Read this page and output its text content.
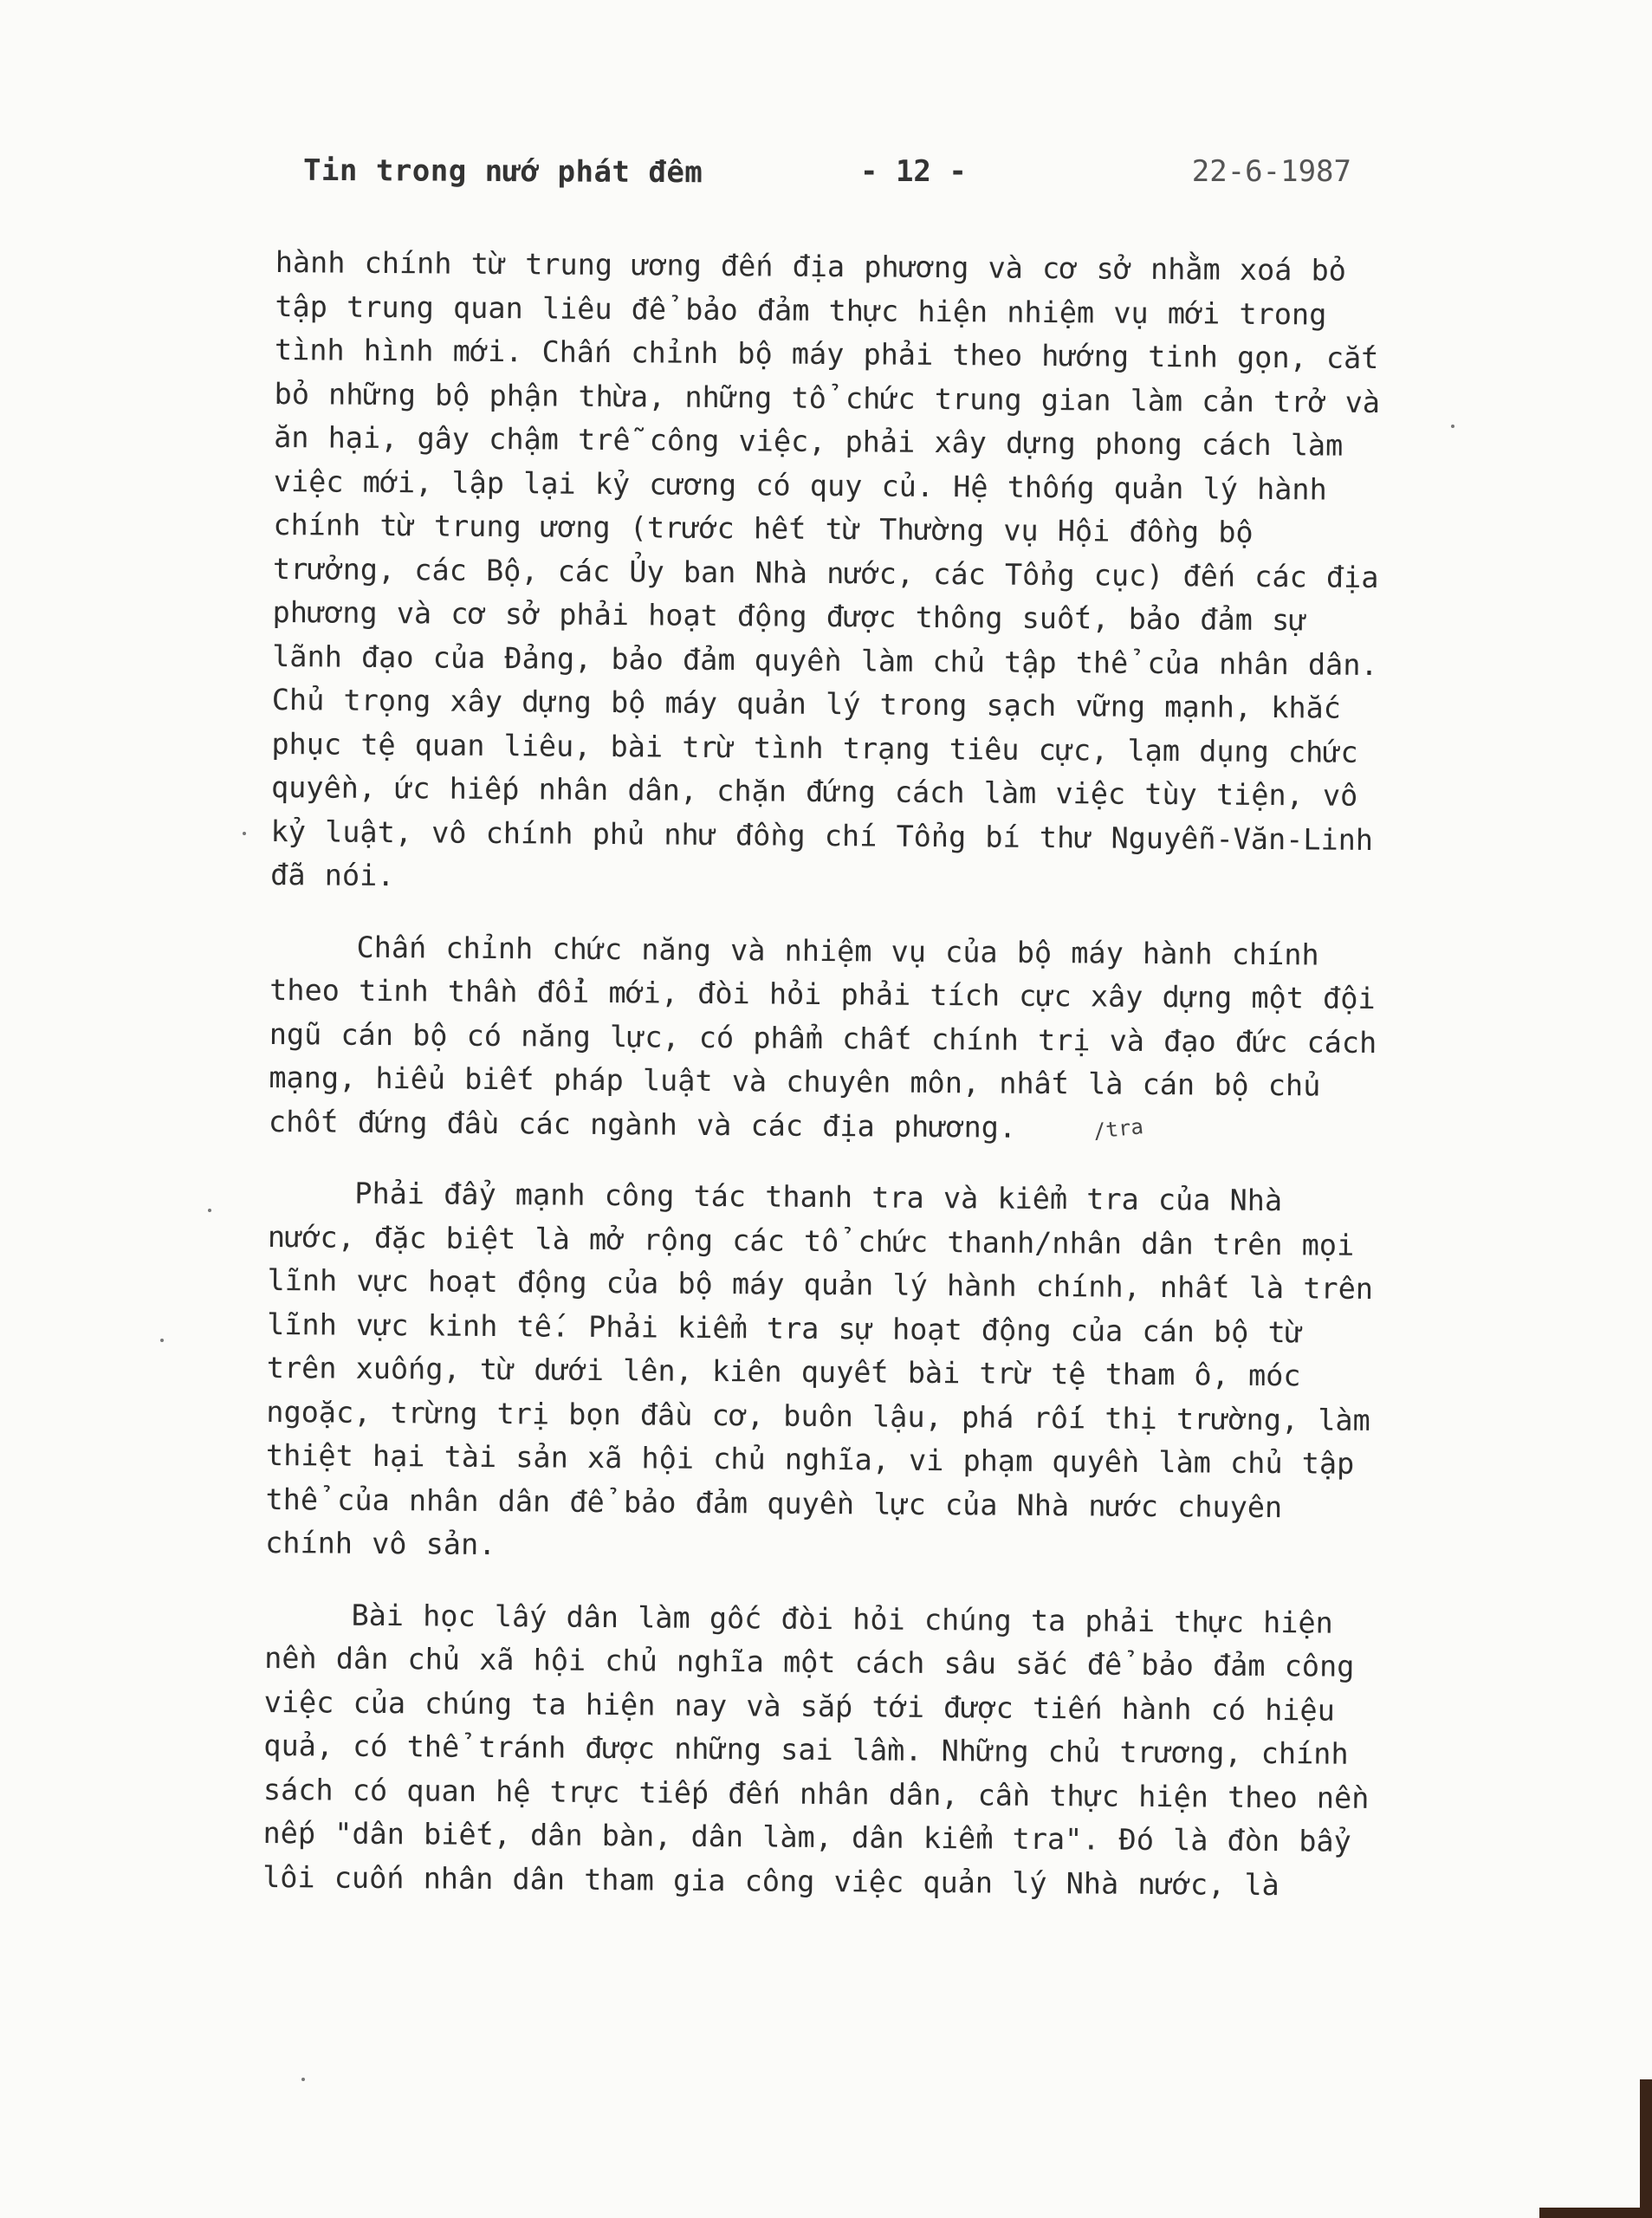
Tin trong nướ phát đêm	- 12 -	22-6-1987

hành chính từ trung ương đến địa phương và cơ sở nhằm xoá bỏ tập trung quan liêu để bảo đảm thực hiện nhiệm vụ mới trong tình hình mới. Chấn chỉnh bộ máy phải theo hướng tinh gọn, cắt bỏ những bộ phận thừa, những tổ chức trung gian làm cản trở và ăn hại, gây chậm trễ công việc, phải xây dựng phong cách làm việc mới, lập lại kỷ cương có quy củ. Hệ thống quản lý hành chính từ trung ương (trước hết từ Thường vụ Hội đồng bộ trưởng, các Bộ, các Ủy ban Nhà nước, các Tổng cục) đến các địa phương và cơ sở phải hoạt động được thông suốt, bảo đảm sự lãnh đạo của Đảng, bảo đảm quyền làm chủ tập thể của nhân dân. Chủ trọng xây dựng bộ máy quản lý trong sạch vững mạnh, khắc phục tệ quan liêu, bài trừ tình trạng tiêu cực, lạm dụng chức quyền, ức hiếp nhân dân, chặn đứng cách làm việc tùy tiện, vô kỷ luật, vô chính phủ như đồng chí Tổng bí thư Nguyễn-Văn-Linh đã nói.

Chấn chỉnh chức năng và nhiệm vụ của bộ máy hành chính theo tinh thần đổi mới, đòi hỏi phải tích cực xây dựng một đội ngũ cán bộ có năng lực, có phẩm chất chính trị và đạo đức cách mạng, hiểu biết pháp luật và chuyên môn, nhất là cán bộ chủ chốt đứng đầu các ngành và các địa phương.

Phải đẩy mạnh công tác thanh tra và kiểm tra của Nhà nước, đặc biệt là mở rộng các tổ chức thanh/nhân dân trên mọi lĩnh vực hoạt động của bộ máy quản lý hành chính, nhất là trên lĩnh vực kinh tế. Phải kiểm tra sự hoạt động của cán bộ từ trên xuống, từ dưới lên, kiên quyết bài trừ tệ tham ô, móc ngoặc, trừng trị bọn đầu cơ, buôn lậu, phá rối thị trường, làm thiệt hại tài sản xã hội chủ nghĩa, vi phạm quyền làm chủ tập thể của nhân dân để bảo đảm quyền lực của Nhà nước chuyên chính vô sản.

Bài học lấy dân làm gốc đòi hỏi chúng ta phải thực hiện nền dân chủ xã hội chủ nghĩa một cách sâu sắc để bảo đảm công việc của chúng ta hiện nay và sắp tới được tiến hành có hiệu quả, có thể tránh được những sai lầm. Những chủ trương, chính sách có quan hệ trực tiếp đến nhân dân, cần thực hiện theo nền nếp "dân biết, dân bàn, dân làm, dân kiểm tra". Đó là đòn bẩy lôi cuốn nhân dân tham gia công việc quản lý Nhà nước, là

/tra
